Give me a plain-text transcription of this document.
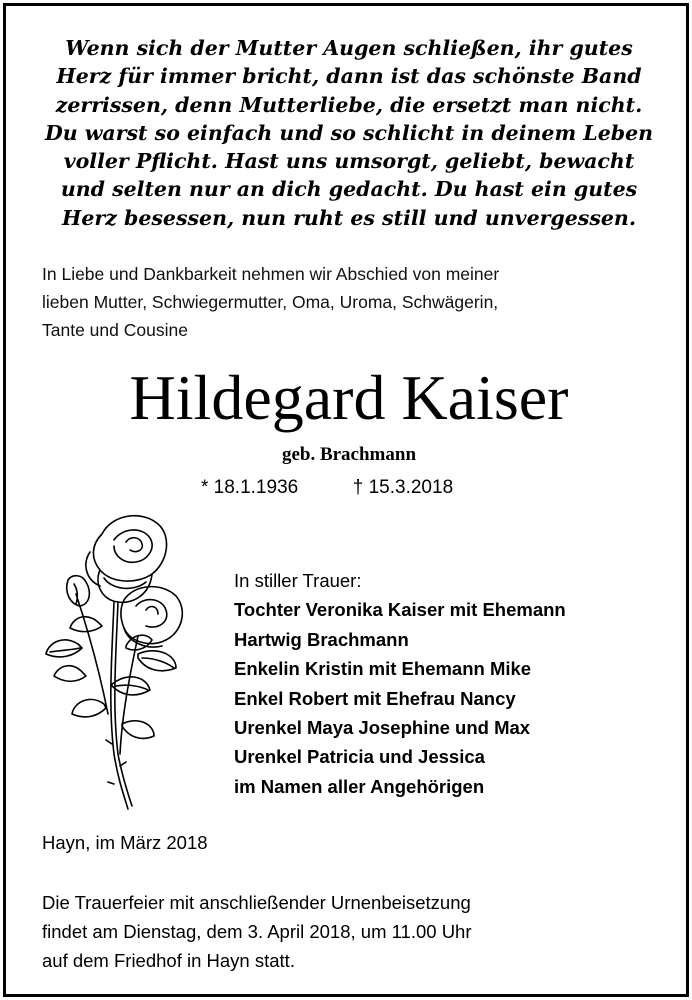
Wenn sich der Mutter Augen schließen, ihr gutes
Herz für immer bricht, dann ist das schönste Band
zerrissen, denn Mutterliebe, die ersetzt man nicht.
Du warst so einfach und so schlicht in deinem Leben
voller Pflicht. Hast uns umsorgt, geliebt, bewacht
und selten nur an dich gedacht. Du hast ein gutes
Herz besessen, nun ruht es still und unvergessen.
In Liebe und Dankbarkeit nehmen wir Abschied von meiner
lieben Mutter, Schwiegermutter, Oma, Uroma, Schwägerin,
Tante und Cousine
Hildegard Kaiser
geb. Brachmann
* 18.1.1936	† 15.3.2018
In stiller Trauer:
Tochter Veronika Kaiser mit Ehemann
Hartwig Brachmann
Enkelin Kristin mit Ehemann Mike
Enkel Robert mit Ehefrau Nancy
Urenkel Maya Josephine und Max
Urenkel Patricia und Jessica
im Namen aller Angehörigen
Hayn, im März 2018
Die Trauerfeier mit anschließender Urnenbeisetzung
findet am Dienstag, dem 3. April 2018, um 11.00 Uhr
auf dem Friedhof in Hayn statt.
